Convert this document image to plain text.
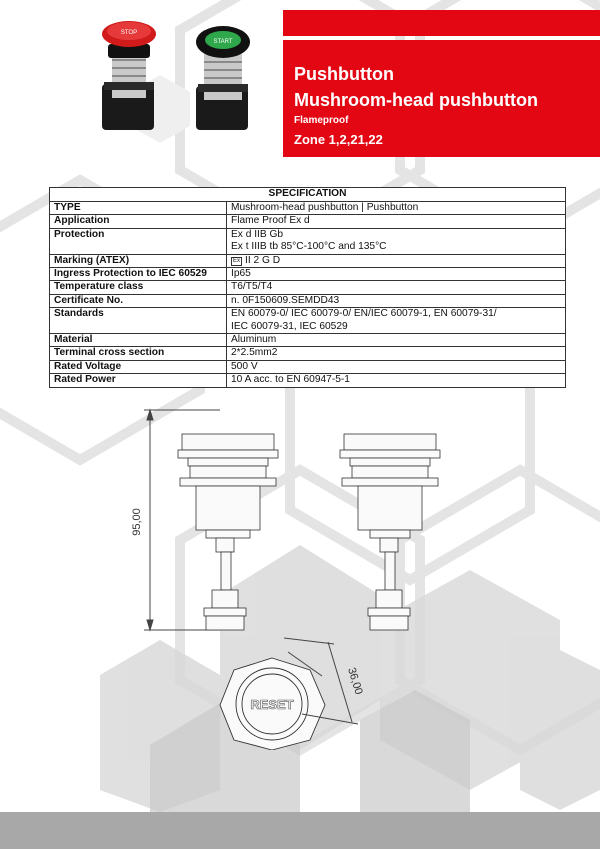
Pushbutton
Mushroom-head pushbutton
Flameproof
Zone 1,2,21,22
STOP
START
SPECIFICATION	
TYPE	Mushroom-head pushbutton | Pushbutton

Application	Flame Proof Ex d

Protection	Ex d IIB Gb
Ex t IIIB tb 85°C-100°C and 135°C

Marking (ATEX)	Ex II 2 G D

Ingress Protection to IEC 60529	Ip65

Temperature class	T6/T5/T4

Certificate No.	n. 0F150609.SEMDD43

Standards	EN 60079-0/ IEC 60079-0/ EN/IEC 60079-1, EN 60079-31/
IEC 60079-31, IEC 60529

Material	Aluminum

Terminal cross section	2*2.5mm2

Rated Voltage	500 V

Rated Power	10 A acc. to EN 60947-5-1
95,00
RESET
36,00
